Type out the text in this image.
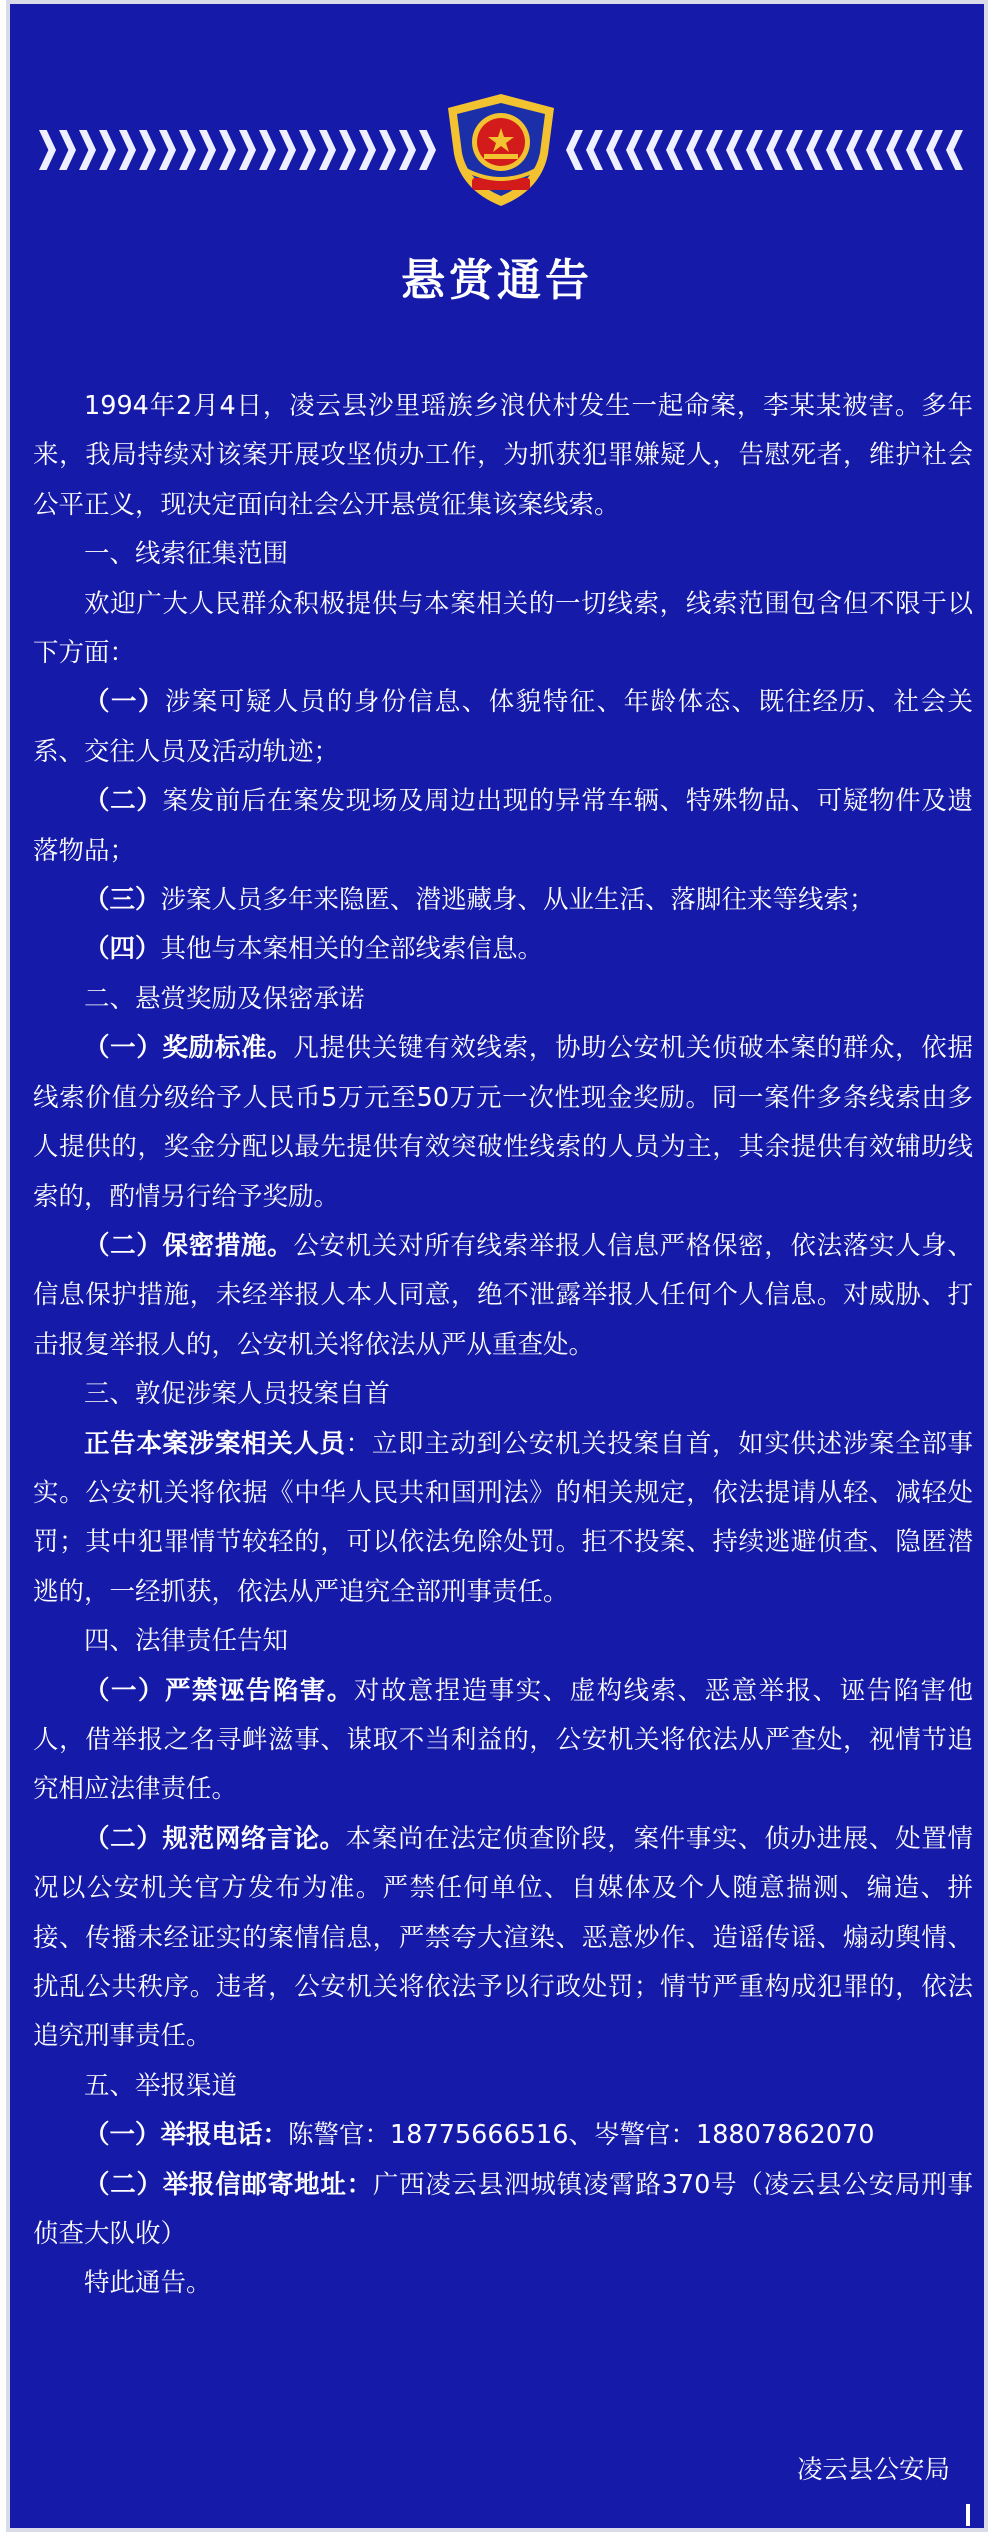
悬赏通告

1994年2月4日，凌云县沙里瑶族乡浪伏村发生一起命案，李某某被害。多年来，我局持续对该案开展攻坚侦办工作，为抓获犯罪嫌疑人，告慰死者，维护社会公平正义，现决定面向社会公开悬赏征集该案线索。

一、线索征集范围

欢迎广大人民群众积极提供与本案相关的一切线索，线索范围包含但不限于以下方面：

（一）涉案可疑人员的身份信息、体貌特征、年龄体态、既往经历、社会关系、交往人员及活动轨迹；

（二）案发前后在案发现场及周边出现的异常车辆、特殊物品、可疑物件及遗落物品；

（三）涉案人员多年来隐匿、潜逃藏身、从业生活、落脚往来等线索；

（四）其他与本案相关的全部线索信息。

二、悬赏奖励及保密承诺

（一）奖励标准。凡提供关键有效线索，协助公安机关侦破本案的群众，依据线索价值分级给予人民币5万元至50万元一次性现金奖励。同一案件多条线索由多人提供的，奖金分配以最先提供有效突破性线索的人员为主，其余提供有效辅助线索的，酌情另行给予奖励。

（二）保密措施。公安机关对所有线索举报人信息严格保密，依法落实人身、信息保护措施，未经举报人本人同意，绝不泄露举报人任何个人信息。对威胁、打击报复举报人的，公安机关将依法从严从重查处。

三、敦促涉案人员投案自首

正告本案涉案相关人员：立即主动到公安机关投案自首，如实供述涉案全部事实。公安机关将依据《中华人民共和国刑法》的相关规定，依法提请从轻、减轻处罚；其中犯罪情节较轻的，可以依法免除处罚。拒不投案、持续逃避侦查、隐匿潜逃的，一经抓获，依法从严追究全部刑事责任。

四、法律责任告知

（一）严禁诬告陷害。对故意捏造事实、虚构线索、恶意举报、诬告陷害他人，借举报之名寻衅滋事、谋取不当利益的，公安机关将依法从严查处，视情节追究相应法律责任。

（二）规范网络言论。本案尚在法定侦查阶段，案件事实、侦办进展、处置情况以公安机关官方发布为准。严禁任何单位、自媒体及个人随意揣测、编造、拼接、传播未经证实的案情信息，严禁夸大渲染、恶意炒作、造谣传谣、煽动舆情、扰乱公共秩序。违者，公安机关将依法予以行政处罚；情节严重构成犯罪的，依法追究刑事责任。

五、举报渠道

（一）举报电话：陈警官：18775666516、岑警官：18807862070

（二）举报信邮寄地址：广西凌云县泗城镇凌霄路370号（凌云县公安局刑事侦查大队收）

特此通告。

凌云县公安局
